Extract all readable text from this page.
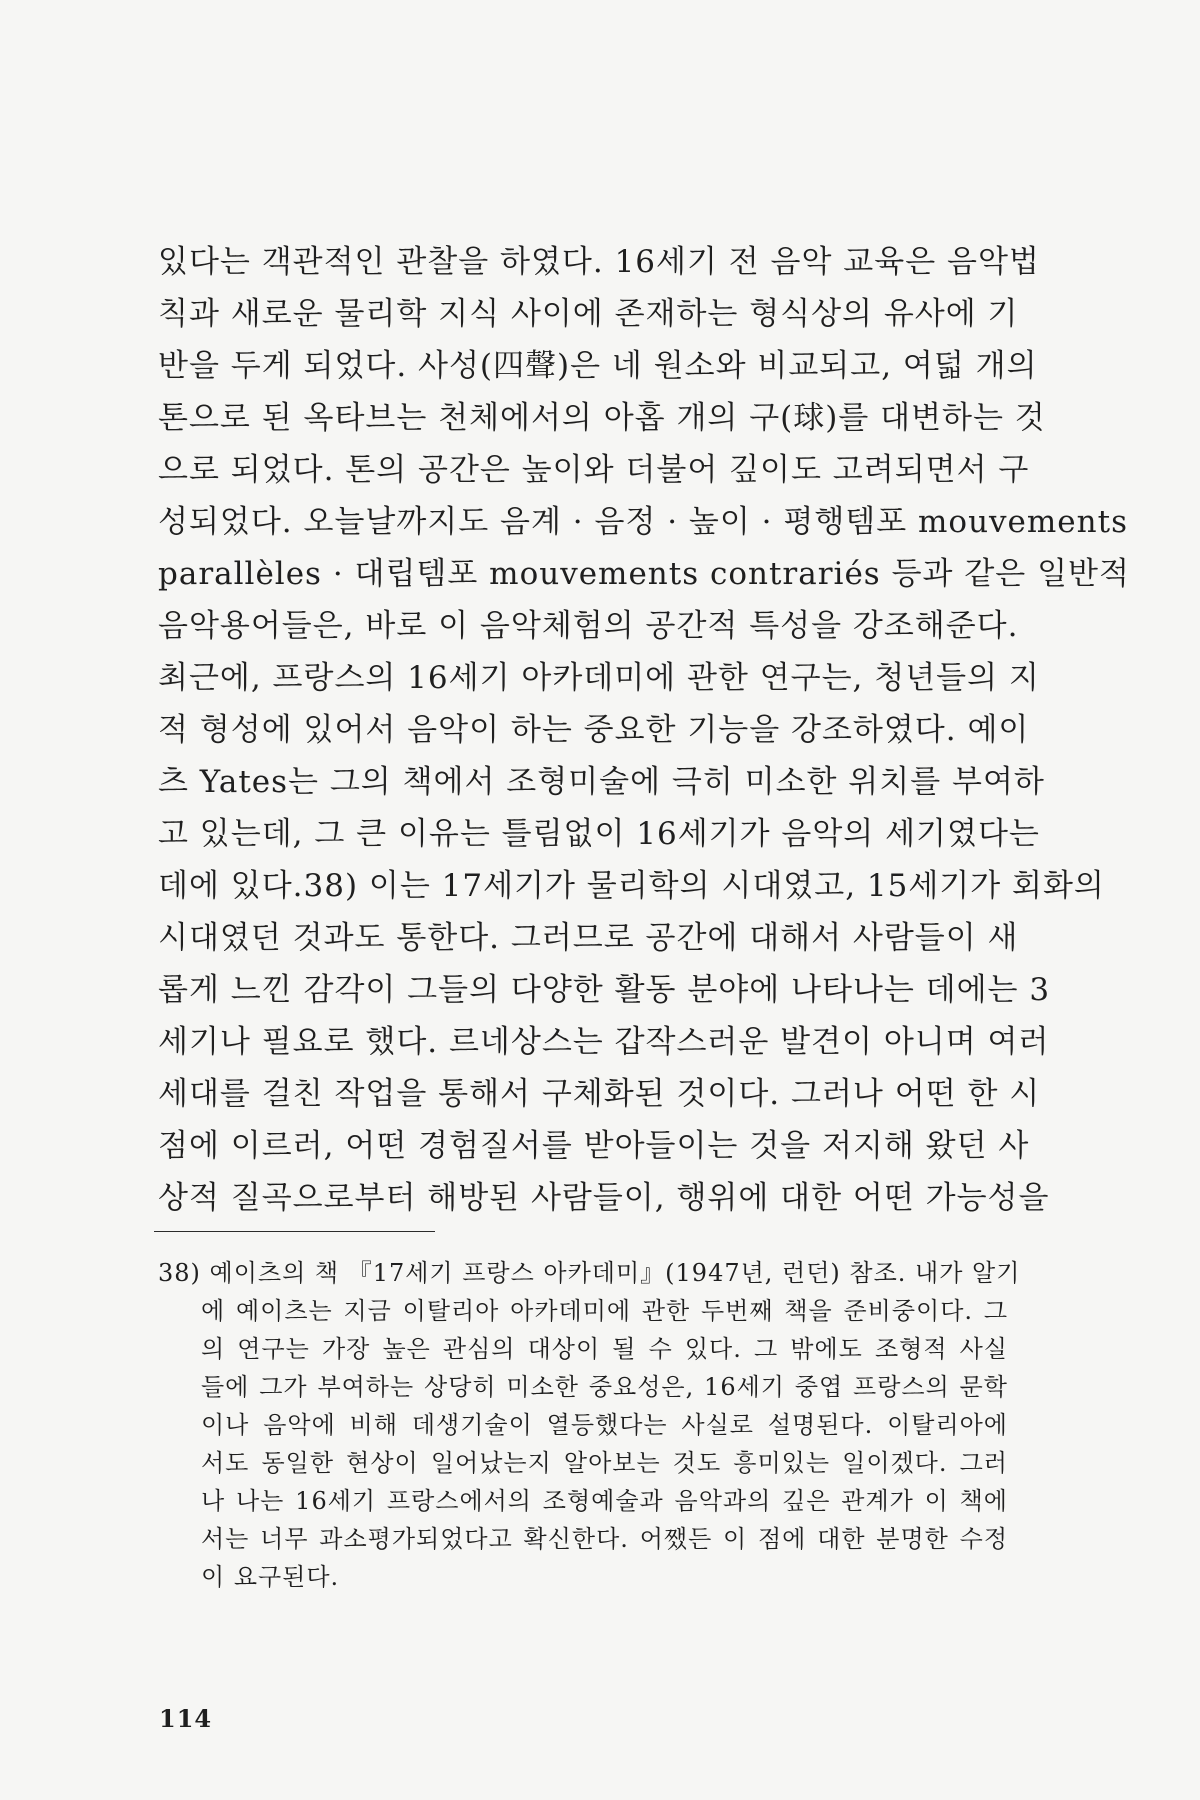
있다는 객관적인 관찰을 하였다. 16세기 전 음악 교육은 음악법
칙과 새로운 물리학 지식 사이에 존재하는 형식상의 유사에 기
반을 두게 되었다. 사성(四聲)은 네 원소와 비교되고, 여덟 개의
톤으로 된 옥타브는 천체에서의 아홉 개의 구(球)를 대변하는 것
으로 되었다. 톤의 공간은 높이와 더불어 깊이도 고려되면서 구
성되었다. 오늘날까지도 음계 · 음정 · 높이 · 평행템포 mouvements
parallèles · 대립템포 mouvements contrariés 등과 같은 일반적
음악용어들은, 바로 이 음악체험의 공간적 특성을 강조해준다.
최근에, 프랑스의 16세기 아카데미에 관한 연구는, 청년들의 지
적 형성에 있어서 음악이 하는 중요한 기능을 강조하였다. 예이
츠 Yates는 그의 책에서 조형미술에 극히 미소한 위치를 부여하
고 있는데, 그 큰 이유는 틀림없이 16세기가 음악의 세기였다는
데에 있다.38) 이는 17세기가 물리학의 시대였고, 15세기가 회화의
시대였던 것과도 통한다. 그러므로 공간에 대해서 사람들이 새
롭게 느낀 감각이 그들의 다양한 활동 분야에 나타나는 데에는 3
세기나 필요로 했다. 르네상스는 갑작스러운 발견이 아니며 여러
세대를 걸친 작업을 통해서 구체화된 것이다. 그러나 어떤 한 시
점에 이르러, 어떤 경험질서를 받아들이는 것을 저지해 왔던 사
상적 질곡으로부터 해방된 사람들이, 행위에 대한 어떤 가능성을
38) 예이츠의 책 『17세기 프랑스 아카데미』(1947년, 런던) 참조. 내가 알기
에 예이츠는 지금 이탈리아 아카데미에 관한 두번째 책을 준비중이다. 그
의 연구는 가장 높은 관심의 대상이 될 수 있다. 그 밖에도 조형적 사실
들에 그가 부여하는 상당히 미소한 중요성은, 16세기 중엽 프랑스의 문학
이나 음악에 비해 데생기술이 열등했다는 사실로 설명된다. 이탈리아에
서도 동일한 현상이 일어났는지 알아보는 것도 흥미있는 일이겠다. 그러
나 나는 16세기 프랑스에서의 조형예술과 음악과의 깊은 관계가 이 책에
서는 너무 과소평가되었다고 확신한다. 어쨌든 이 점에 대한 분명한 수정
이 요구된다.
114
